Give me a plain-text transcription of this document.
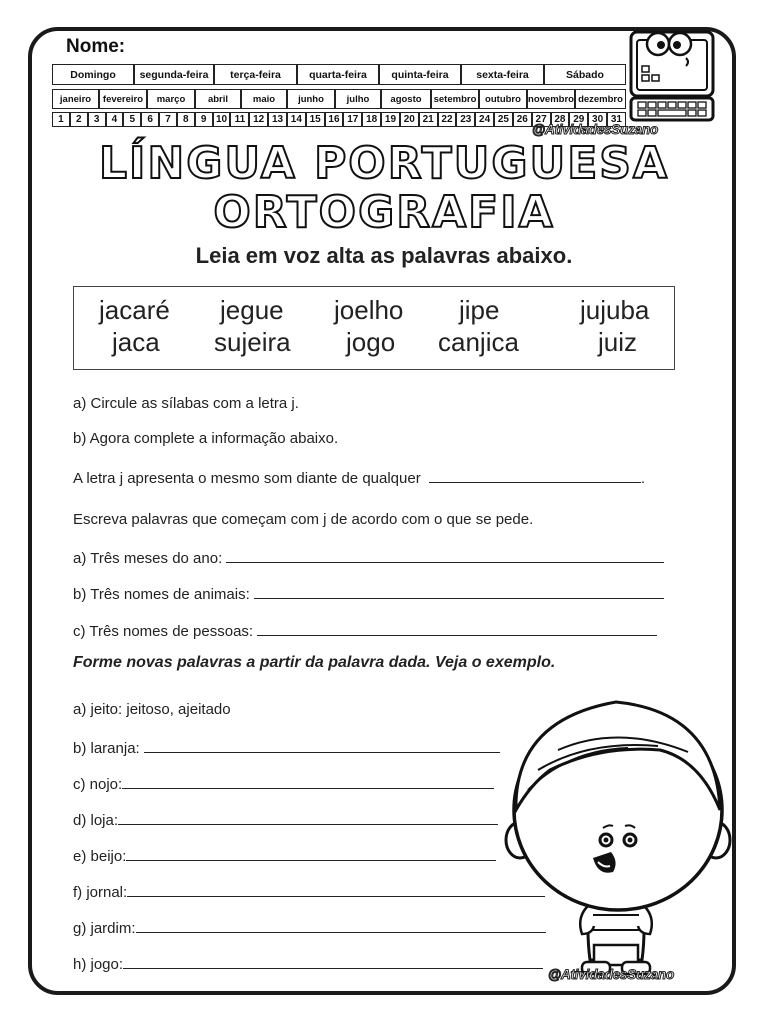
Nome:
Domingo	segunda-feira	terça-feira	quarta-feira	quinta-feira	sexta-feira	Sábado
janeiro	fevereiro	março	abril	maio	junho	julho	agosto	setembro outubro novembro dezembro
1	2	3	4	5	6	7	8	9 10 11 12 13 14 15 16 17 18 19 20 21 22 23 24 25 26 27 28 29 30 31
@AtividadesSuzano
LÍNGUA PORTUGUESA
ORTOGRAFIA
Leia em voz alta as palavras abaixo.
jacaré jegue joelho jipe	jujuba
jaca sujeira jogo canjica	juiz
a) Circule as sílabas com a letra j.
b) Agora complete a informação abaixo.
A letra j apresenta o mesmo som diante de qualquer	.
Escreva palavras que começam com j de acordo com o que se pede.
a) Três meses do ano:
b) Três nomes de animais:
c) Três nomes de pessoas:
Forme novas palavras a partir da palavra dada. Veja o exemplo.
a) jeito: jeitoso, ajeitado
b) laranja:
c) nojo:
d) loja:
e) beijo:
f) jornal:
g) jardim:
h) jogo:
@AtividadesSuzano
